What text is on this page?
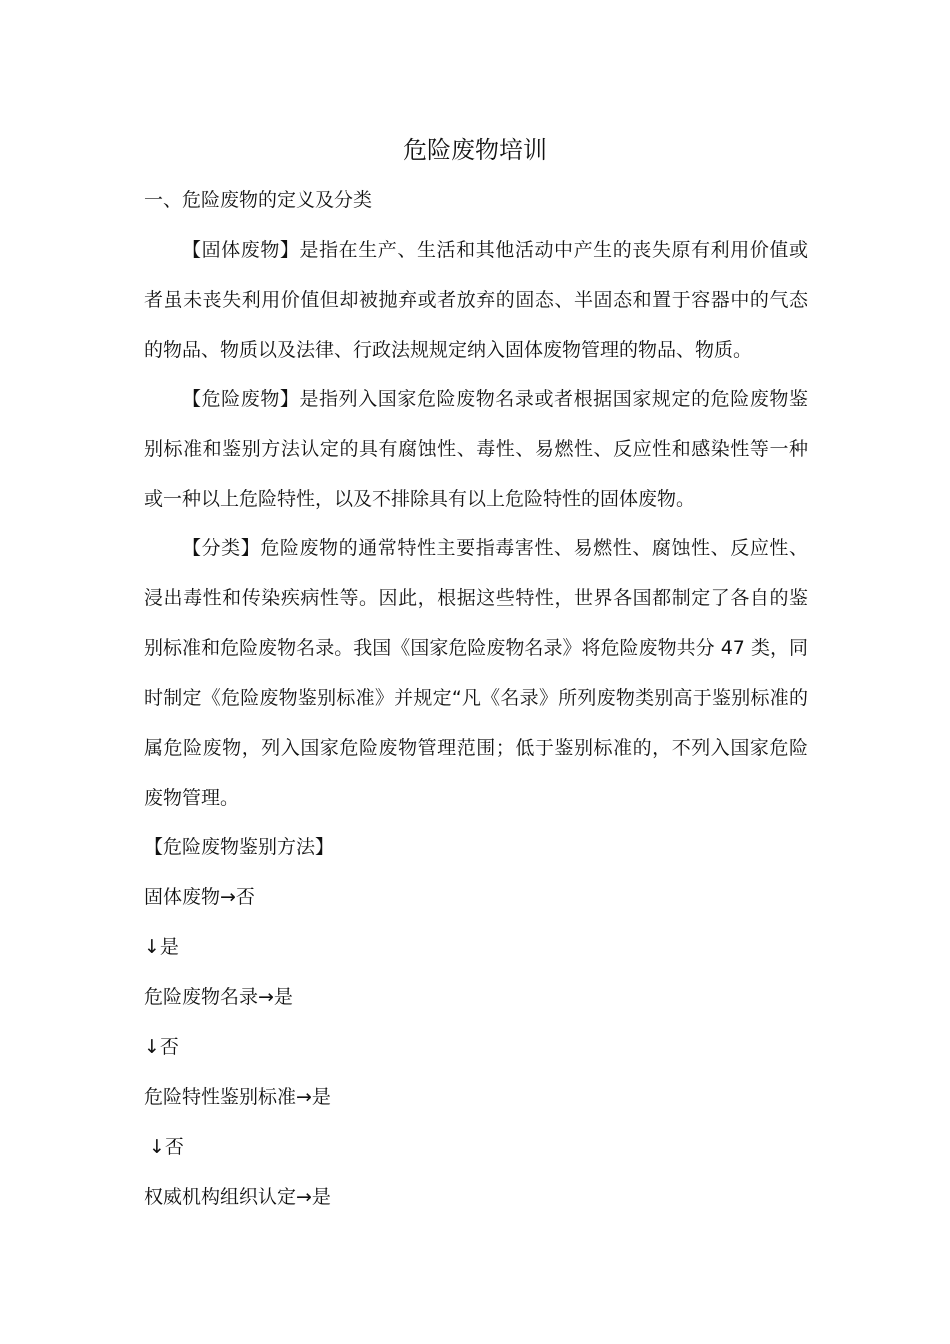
危险废物培训
一、危险废物的定义及分类

【固体废物】是指在生产、生活和其他活动中产生的丧失原有利用价值或者虽未丧失利用价值但却被抛弃或者放弃的固态、半固态和置于容器中的气态的物品、物质以及法律、行政法规规定纳入固体废物管理的物品、物质。

【危险废物】是指列入国家危险废物名录或者根据国家规定的危险废物鉴别标准和鉴别方法认定的具有腐蚀性、毒性、易燃性、反应性和感染性等一种或一种以上危险特性，以及不排除具有以上危险特性的固体废物。

【分类】危险废物的通常特性主要指毒害性、易燃性、腐蚀性、反应性、浸出毒性和传染疾病性等。因此，根据这些特性，世界各国都制定了各自的鉴别标准和危险废物名录。我国《国家危险废物名录》将危险废物共分 47 类，同时制定《危险废物鉴别标准》并规定“凡《名录》所列废物类别高于鉴别标准的属危险废物，列入国家危险废物管理范围；低于鉴别标准的，不列入国家危险废物管理。

【危险废物鉴别方法】
固体废物→否
↓是
危险废物名录→是
↓否
危险特性鉴别标准→是
↓否
权威机构组织认定→是
